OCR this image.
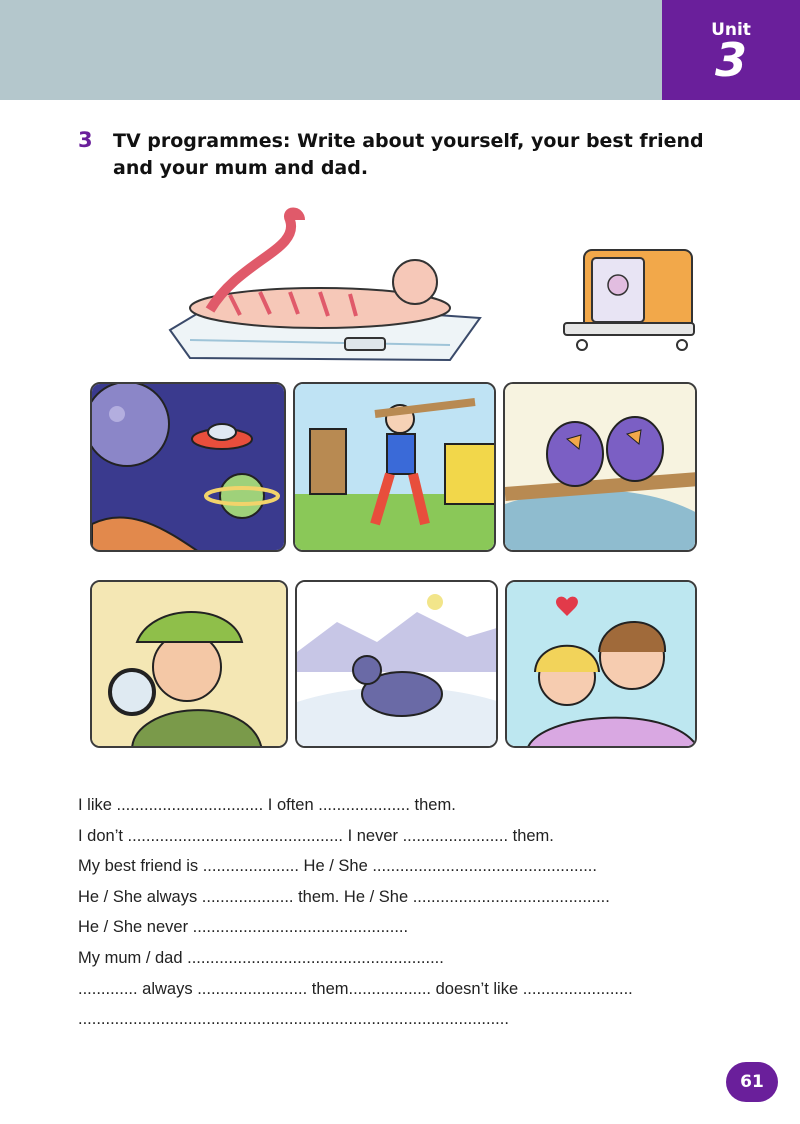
Unit
3
3 TV programmes: Write about yourself, your best friend and your mum and dad.
I like ................................ I often .................... them.
I don’t ............................................... I never ....................... them.
My best friend is ..................... He / She .................................................
He / She always .................... them. He / She ...........................................
He / She never ...............................................
My mum / dad ........................................................
............. always ........................ them.................. doesn’t like ........................
..............................................................................................
61
